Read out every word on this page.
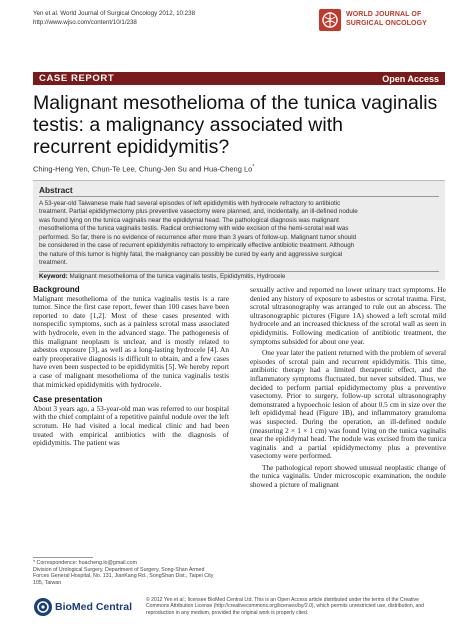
Yen et al. World Journal of Surgical Oncology 2012, 10:238
http://www.wjso.com/content/10/1/238
WORLD JOURNAL OF
SURGICAL ONCOLOGY
CASE REPORT	Open Access
Malignant mesothelioma of the tunica vaginalis
testis: a malignancy associated with
recurrent epididymitis?
Ching-Heng Yen, Chun-Te Lee, Chung-Jen Su and Hua-Cheng Lo*
Abstract
A 53-year-old Taiwanese male had several episodes of left epididymitis with hydrocele refractory to antibiotic
treatment. Partial epididymectomy plus preventive vasectomy were planned, and, incidentally, an ill-defined nodule
was found lying on the tunica vaginalis near the epididymal head. The pathological diagnosis was malignant
mesothelioma of the tunica vaginalis testis. Radical orchiectomy with wide excision of the hemi-scrotal wall was
performed. So far, there is no evidence of recurrence after more than 3 years of follow-up. Malignant tumor should
be considered in the case of recurrent epididymitis refractory to empirically effective antibiotic treatment. Although
the nature of this tumor is highly fatal, the malignancy can possibly be cured by early and aggressive surgical
treatment.
Keyword: Malignant mesothelioma of the tunica vaginalis testis, Epididymitis, Hydrocele
Background

Malignant mesothelioma of the tunica vaginalis testis is a rare tumor. Since the first case report, fewer than 100 cases have been reported to date [1,2]. Most of these cases presented with nonspecific symptoms, such as a painless scrotal mass associated with hydrocele, even in the advanced stage. The pathogenesis of this malignant neoplasm is unclear, and is mostly related to asbestos exposure [3], as well as a long-lasting hydrocele [4]. An early preoperative diagnosis is difficult to obtain, and a few cases have even been suspected to be epididymitis [5]. We hereby report a case of malignant mesothelioma of the tunica vaginalis testis that mimicked epididymitis with hydrocele.

Case presentation

About 3 years ago, a 53-year-old man was referred to our hospital with the chief complaint of a repetitive painful nodule over the left scrotum. He had visited a local medical clinic and had been treated with empirical antibiotics with the diagnosis of epididymitis. The patient was

sexually active and reported no lower urinary tract symptoms. He denied any history of exposure to asbestos or scrotal trauma. First, scrotal ultrasonography was arranged to rule out an abscess. The ultrasonographic pictures (Figure 1A) showed a left scrotal mild hydrocele and an increased thickness of the scrotal wall as seen in epididymitis. Following medication of antibiotic treatment, the symptoms subsided for about one year.

One year later the patient returned with the problem of several episodes of scrotal pain and recurrent epididymitis. This time, antibiotic therapy had a limited therapeutic effect, and the inflammatory symptoms fluctuated, but never subsided. Thus, we decided to perform partial epididymectomy plus a preventive vasectomy. Prior to surgery, follow-up scrotal ultrasonography demonstrated a hypoechoic lesion of about 0.5 cm in size over the left epididymal head (Figure 1B), and inflammatory granuloma was suspected. During the operation, an ill-defined nodule (measuring 2 × 1 × 1 cm) was found lying on the tunica vaginalis near the epididymal head. The nodule was excised from the tunica vaginalis and a partial epididymectomy plus a preventive vasectomy were performed.

The pathological report showed unusual neoplastic change of the tunica vaginalis. Under microscopic examination, the nodule showed a picture of malignant

* Correspondence: huacheng.lo@gmail.com
Division of Urological Surgery, Department of Surgery, Song-Shan Armed
Forces General Hospital, No. 131, JianKang Rd., SongShan Dist., Taipei City
105, Taiwan
BioMed Central
© 2012 Yen et al.; licensee BioMed Central Ltd. This is an Open Access article distributed under the terms of the Creative
Commons Attribution License (http://creativecommons.org/licenses/by/2.0), which permits unrestricted use, distribution, and
reproduction in any medium, provided the original work is properly cited.
